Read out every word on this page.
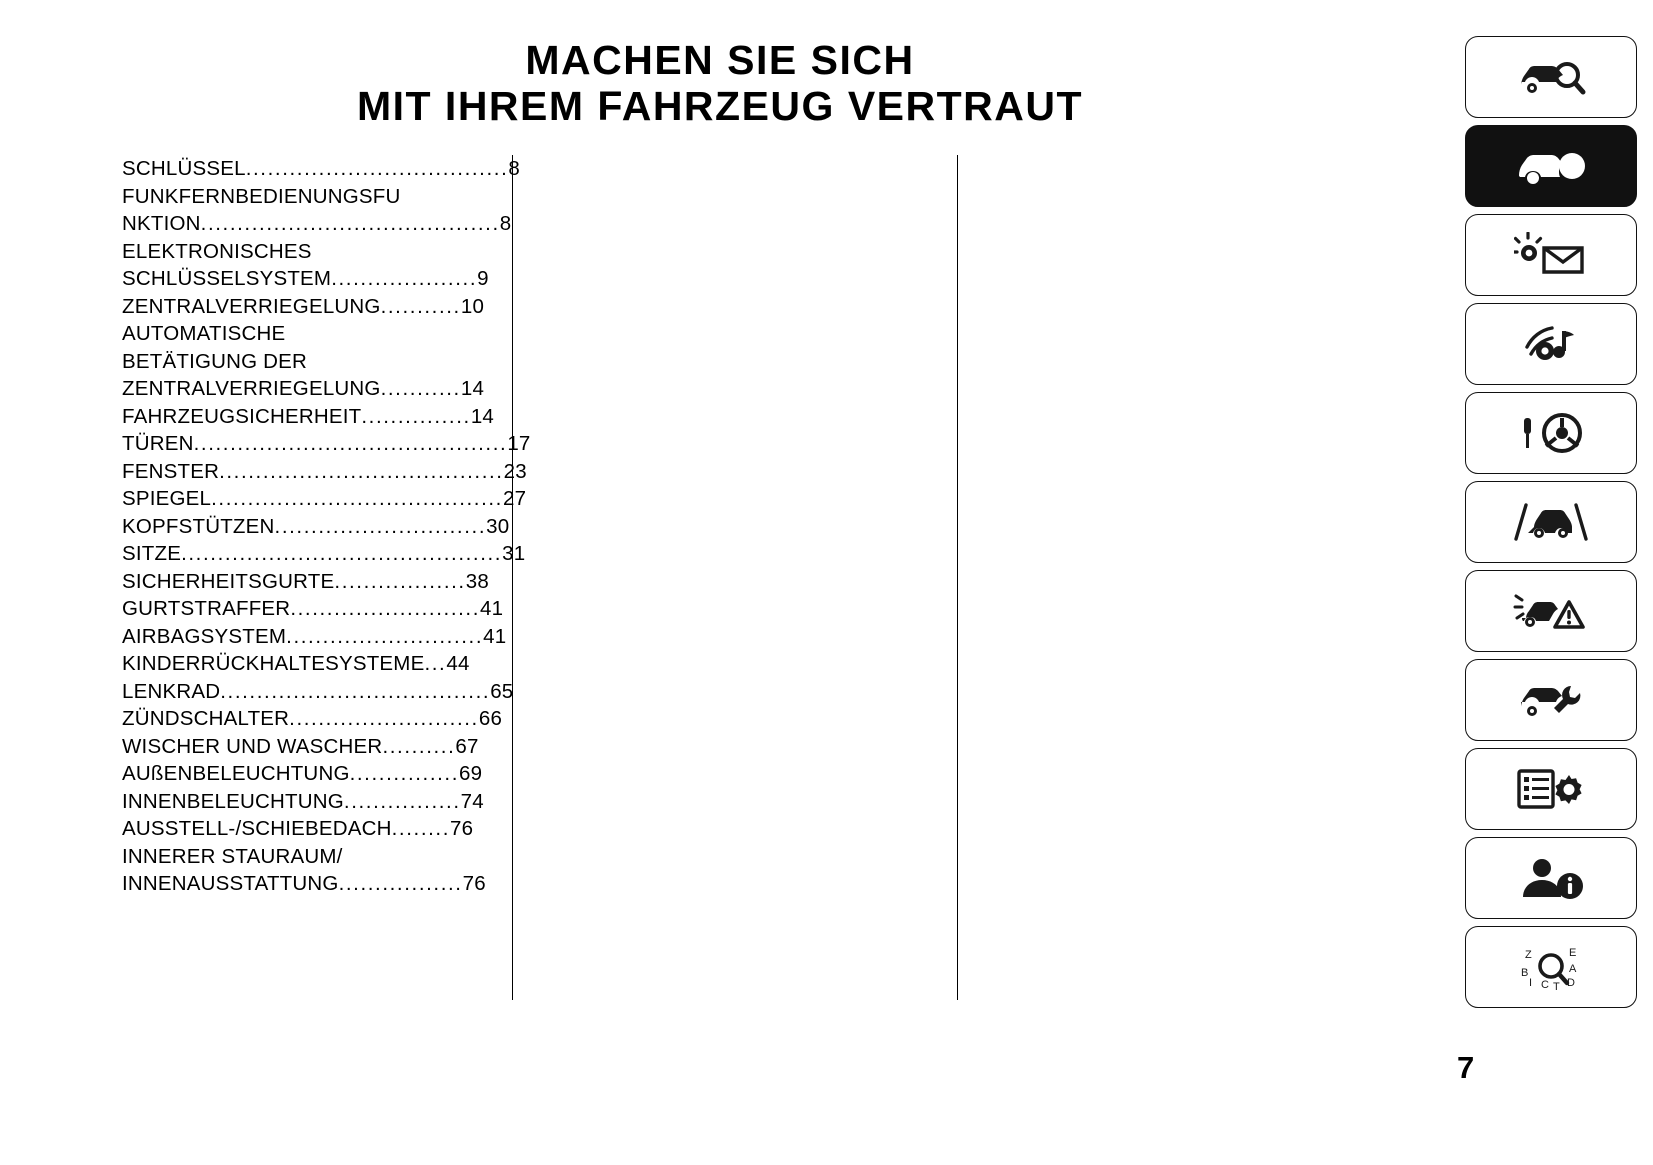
MACHEN SIE SICH
MIT IHREM FAHRZEUG VERTRAUT
SCHLÜSSEL....................................8
FUNKFERNBEDIENUNGSFU
NKTION.........................................8
ELEKTRONISCHES
SCHLÜSSELSYSTEM....................9
ZENTRALVERRIEGELUNG...........10
AUTOMATISCHE
BETÄTIGUNG DER
ZENTRALVERRIEGELUNG...........14
FAHRZEUGSICHERHEIT...............14
TÜREN...........................................17
FENSTER.......................................23
SPIEGEL........................................27
KOPFSTÜTZEN.............................30
SITZE............................................31
SICHERHEITSGURTE..................38
GURTSTRAFFER..........................41
AIRBAGSYSTEM...........................41
KINDERRÜCKHALTESYSTEME...44
LENKRAD.....................................65
ZÜNDSCHALTER..........................66
WISCHER UND WASCHER..........67
AUßENBELEUCHTUNG...............69
INNENBELEUCHTUNG................74
AUSSTELL-/SCHIEBEDACH........76
INNERER STAURAUM/
INNENAUSSTATTUNG.................76
Z
B
I C T D
A
E
7
